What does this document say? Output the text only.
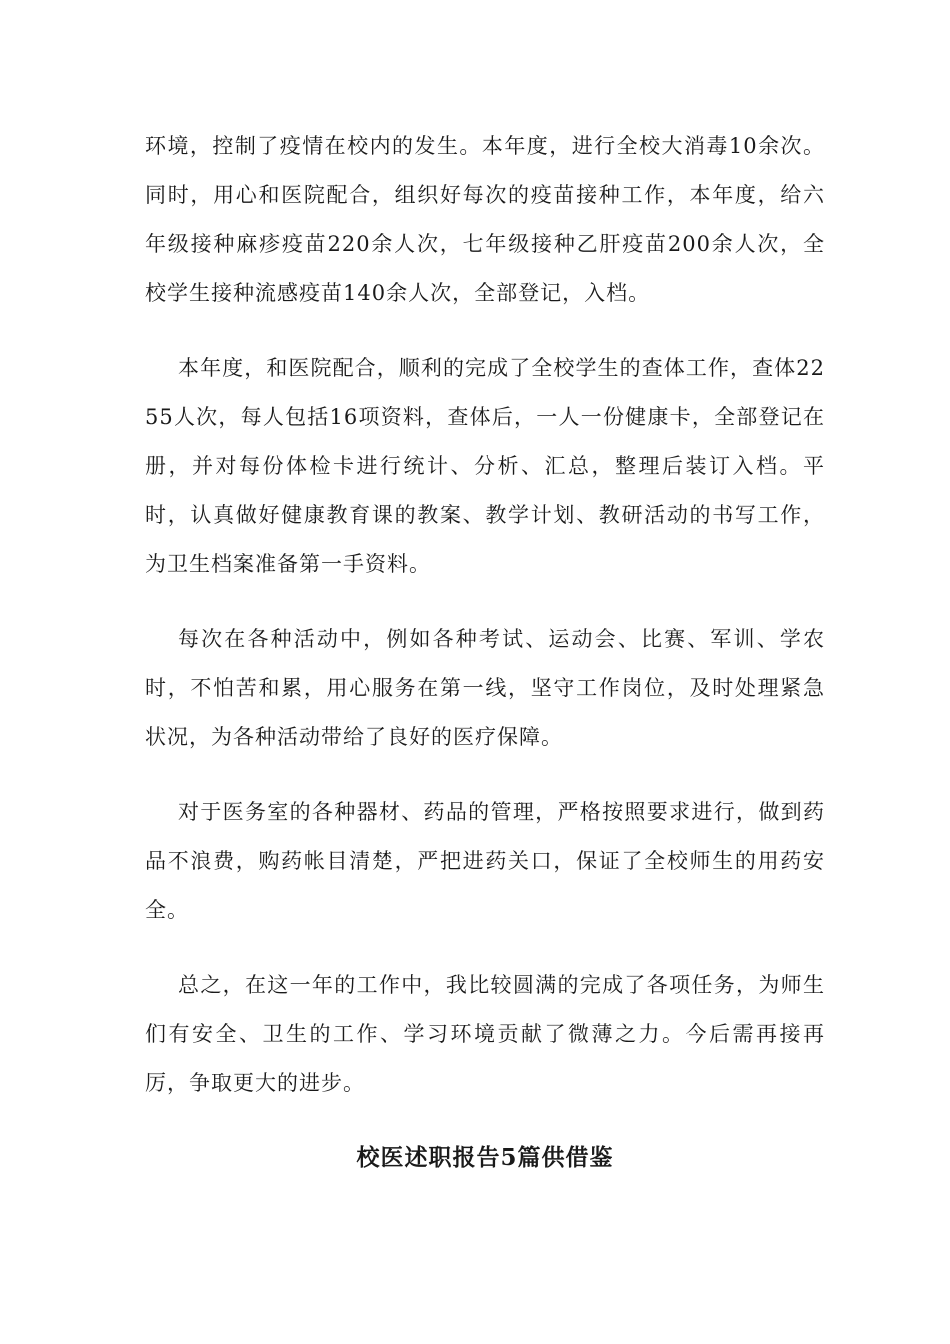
环境，控制了疫情在校内的发生。本年度，进行全校大消毒10余次。同时，用心和医院配合，组织好每次的疫苗接种工作，本年度，给六年级接种麻疹疫苗220余人次，七年级接种乙肝疫苗200余人次，全校学生接种流感疫苗140余人次，全部登记，入档。

本年度，和医院配合，顺利的完成了全校学生的查体工作，查体2255人次，每人包括16项资料，查体后，一人一份健康卡，全部登记在册，并对每份体检卡进行统计、分析、汇总，整理后装订入档。平时，认真做好健康教育课的教案、教学计划、教研活动的书写工作，为卫生档案准备第一手资料。

每次在各种活动中，例如各种考试、运动会、比赛、军训、学农时，不怕苦和累，用心服务在第一线，坚守工作岗位，及时处理紧急状况，为各种活动带给了良好的医疗保障。

对于医务室的各种器材、药品的管理，严格按照要求进行，做到药品不浪费，购药帐目清楚，严把进药关口，保证了全校师生的用药安全。

总之，在这一年的工作中，我比较圆满的完成了各项任务，为师生们有安全、卫生的工作、学习环境贡献了微薄之力。今后需再接再厉，争取更大的进步。

校医述职报告5篇供借鉴
